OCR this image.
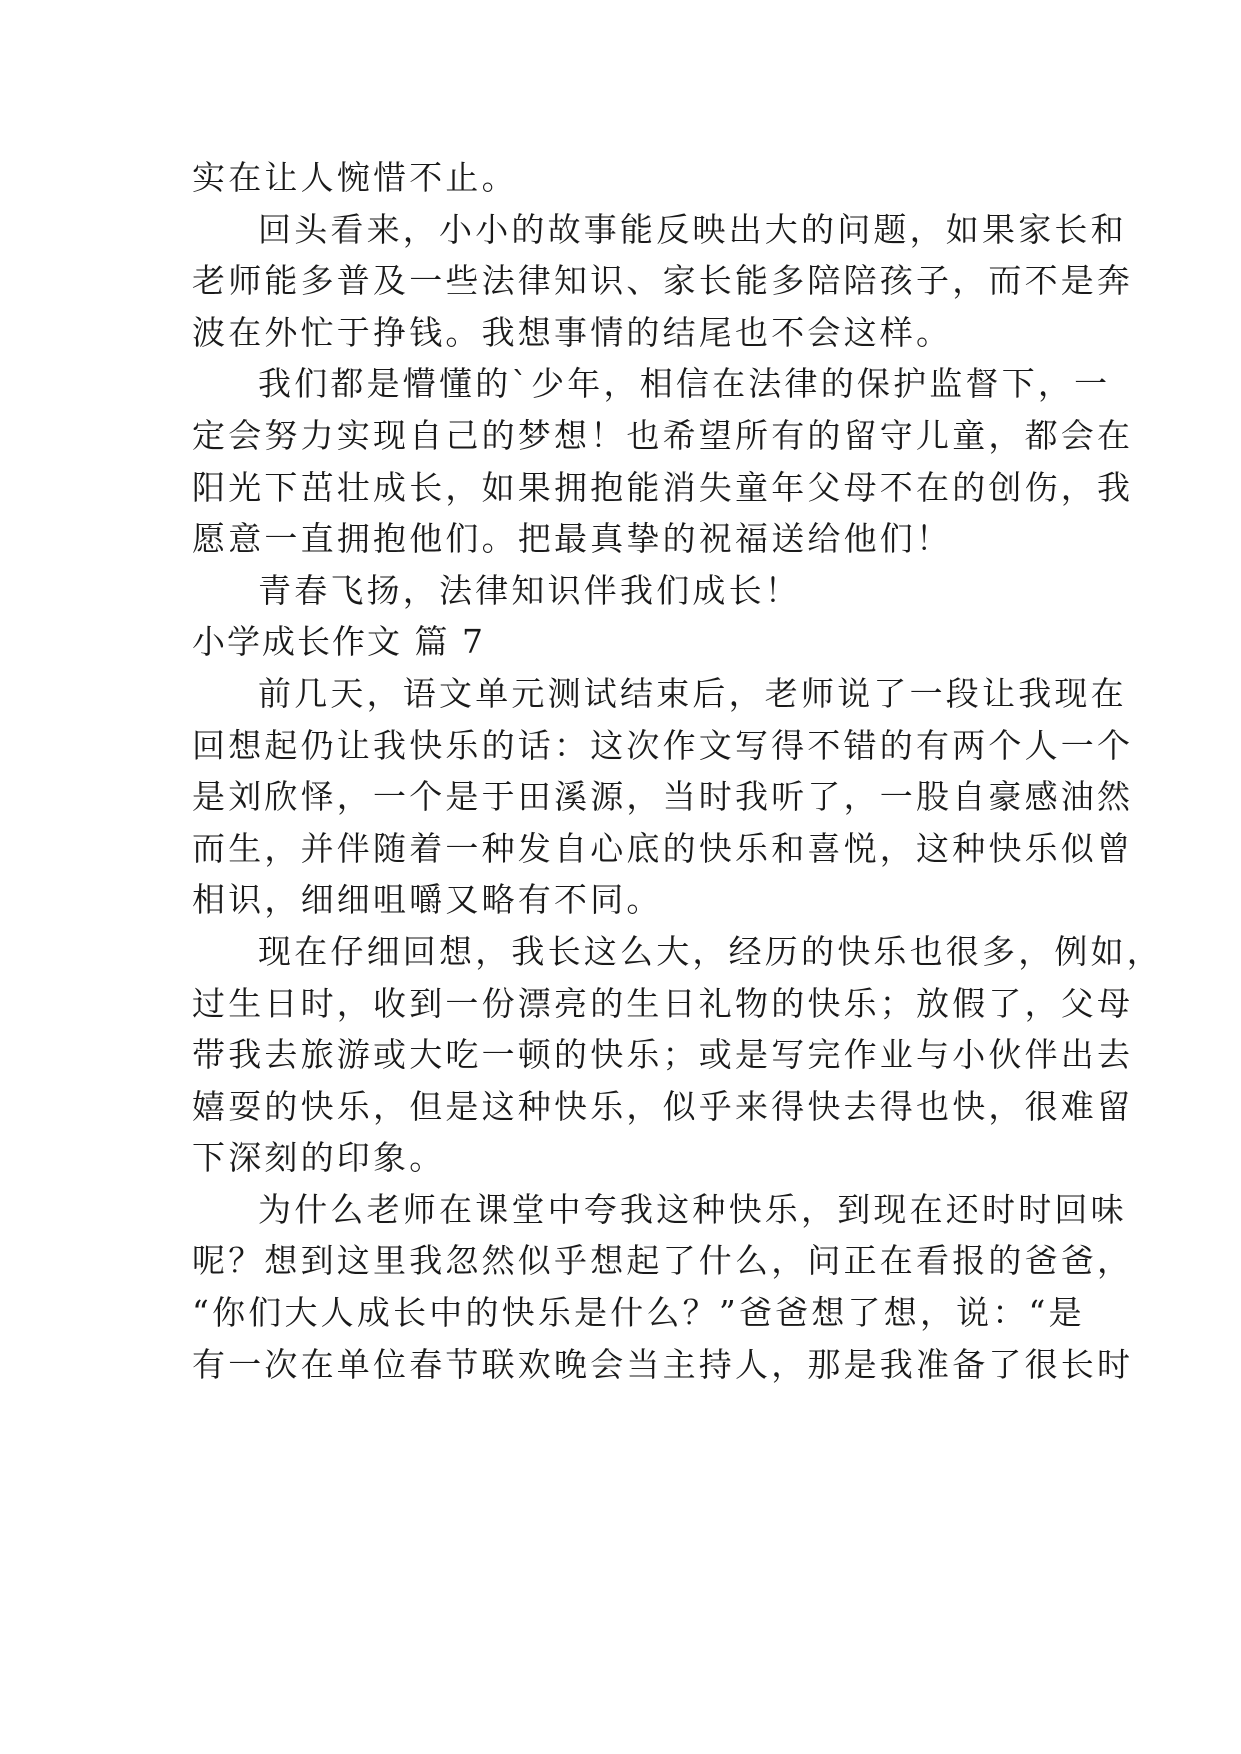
实在让人惋惜不止。
回头看来，小小的故事能反映出大的问题，如果家长和
老师能多普及一些法律知识、家长能多陪陪孩子，而不是奔
波在外忙于挣钱。我想事情的结尾也不会这样。
我们都是懵懂的`少年，相信在法律的保护监督下，一
定会努力实现自己的梦想！也希望所有的留守儿童，都会在
阳光下茁壮成长，如果拥抱能消失童年父母不在的创伤，我
愿意一直拥抱他们。把最真挚的祝福送给他们！
青春飞扬，法律知识伴我们成长！
小学成长作文 篇 7
前几天，语文单元测试结束后，老师说了一段让我现在
回想起仍让我快乐的话：这次作文写得不错的有两个人一个
是刘欣怿，一个是于田溪源，当时我听了，一股自豪感油然
而生，并伴随着一种发自心底的快乐和喜悦，这种快乐似曾
相识，细细咀嚼又略有不同。
现在仔细回想，我长这么大，经历的快乐也很多，例如，
过生日时，收到一份漂亮的生日礼物的快乐；放假了，父母
带我去旅游或大吃一顿的快乐；或是写完作业与小伙伴出去
嬉耍的快乐，但是这种快乐，似乎来得快去得也快，很难留
下深刻的印象。
为什么老师在课堂中夸我这种快乐，到现在还时时回味
呢？想到这里我忽然似乎想起了什么，问正在看报的爸爸，
“你们大人成长中的快乐是什么？”爸爸想了想，说：“是
有一次在单位春节联欢晚会当主持人，那是我准备了很长时
